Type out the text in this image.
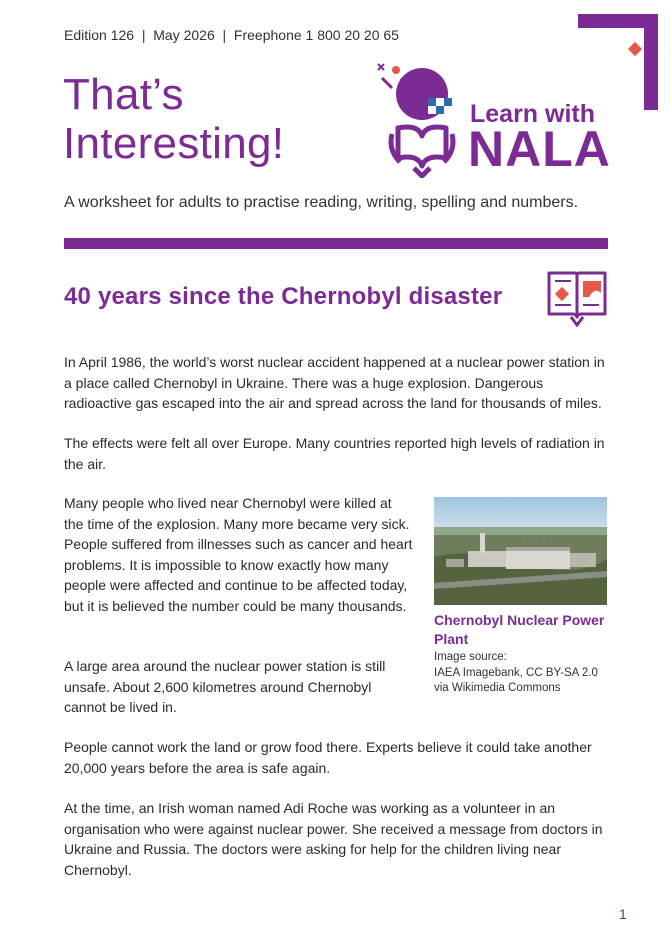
Edition 126  |  May 2026  |  Freephone 1 800 20 20 65
That’s
Interesting!
Learn with
NALA
A worksheet for adults to practise reading, writing, spelling and numbers.
40 years since the Chernobyl disaster

In April 1986, the world’s worst nuclear accident happened at a nuclear power station in a place called Chernobyl in Ukraine. There was a huge explosion. Dangerous radioactive gas escaped into the air and spread across the land for thousands of miles.

The effects were felt all over Europe. Many countries reported high levels of radiation in the air.

Many people who lived near Chernobyl were killed at the time of the explosion. Many more became very sick. People suffered from illnesses such as cancer and heart problems. It is impossible to know exactly how many people were affected and continue to be affected today, but it is believed the number could be many thousands.

A large area around the nuclear power station is still unsafe. About 2,600 kilometres around Chernobyl cannot be lived in.

People cannot work the land or grow food there. Experts believe it could take another 20,000 years before the area is safe again.

At the time, an Irish woman named Adi Roche was working as a volunteer in an organisation who were against nuclear power. She received a message from doctors in Ukraine and Russia. The doctors were asking for help for the children living near Chernobyl.

Chernobyl Nuclear Power Plant
Image source:
IAEA Imagebank, CC BY-SA 2.0
via Wikimedia Commons
1
